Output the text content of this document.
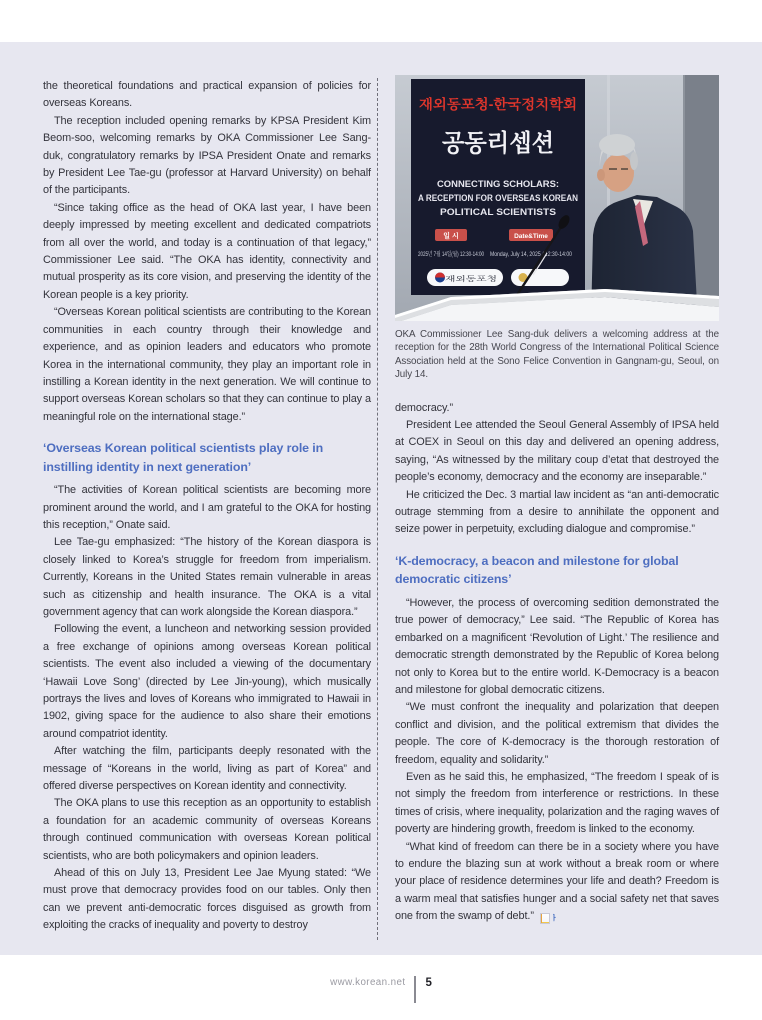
the theoretical foundations and practical expansion of policies for overseas Koreans.

The reception included opening remarks by KPSA President Kim Beom-soo, welcoming remarks by OKA Commissioner Lee Sang-duk, congratulatory remarks by IPSA President Onate and remarks by President Lee Tae-gu (professor at Harvard University) on behalf of the participants.

“Since taking office as the head of OKA last year, I have been deeply impressed by meeting excellent and dedicated compatriots from all over the world, and today is a continuation of that legacy,” Commissioner Lee said. “The OKA has identity, connectivity and mutual prosperity as its core vision, and preserving the identity of the Korean people is a key priority.

“Overseas Korean political scientists are contributing to the Korean communities in each country through their knowledge and experience, and as opinion leaders and educators who promote Korea in the international community, they play an important role in instilling a Korean identity in the next generation. We will continue to support overseas Korean scholars so that they can continue to play a meaningful role on the international stage.”

‘Overseas Korean political scientists play role in instilling identity in next generation’

“The activities of Korean political scientists are becoming more prominent around the world, and I am grateful to the OKA for hosting this reception,” Onate said.

Lee Tae-gu emphasized: “The history of the Korean diaspora is closely linked to Korea’s struggle for freedom from imperialism. Currently, Koreans in the United States remain vulnerable in areas such as citizenship and health insurance. The OKA is a vital government agency that can work alongside the Korean diaspora.”

Following the event, a luncheon and networking session provided a free exchange of opinions among overseas Korean political scientists. The event also included a viewing of the documentary ‘Hawaii Love Song’ (directed by Lee Jin-young), which musically portrays the lives and loves of Koreans who immigrated to Hawaii in 1902, giving space for the audience to also share their emotions around compatriot identity.

After watching the film, participants deeply resonated with the message of “Koreans in the world, living as part of Korea” and offered diverse perspectives on Korean identity and connectivity.

The OKA plans to use this reception as an opportunity to establish a foundation for an academic community of overseas Koreans through continued communication with overseas Korean political scientists, who are both policymakers and opinion leaders.

Ahead of this on July 13, President Lee Jae Myung stated: “We must prove that democracy provides food on our tables. Only then can we prevent anti-democratic forces disguised as growth from exploiting the cracks of inequality and poverty to destroy

재외동포청-한국정치학회
공동리셉션
CONNECTING SCHOLARS:
A RECEPTION FOR OVERSEAS KOREAN
POLITICAL SCIENTISTS
일 시	Date&Time
2025년 7월 14일(월) 12:30-14:00
Monday, July 14, 2025 / 12:30-14:00
재외동포청

OKA Commissioner Lee Sang-duk delivers a welcoming address at the reception for the 28th World Congress of the International Political Science Association held at the Sono Felice Convention in Gangnam-gu, Seoul, on July 14.

democracy.”

President Lee attended the Seoul General Assembly of IPSA held at COEX in Seoul on this day and delivered an opening address, saying, “As witnessed by the military coup d’etat that destroyed the people’s economy, democracy and the economy are inseparable.”

He criticized the Dec. 3 martial law incident as “an anti-democratic outrage stemming from a desire to annihilate the opponent and seize power in perpetuity, excluding dialogue and compromise.”

‘K-democracy, a beacon and milestone for global democratic citizens’

“However, the process of overcoming sedition demonstrated the true power of democracy,” Lee said. “The Republic of Korea has embarked on a magnificent ‘Revolution of Light.’ The resilience and democratic strength demonstrated by the Republic of Korea belong not only to Korea but to the entire world. K-Democracy is a beacon and milestone for global democratic citizens.

“We must confront the inequality and polarization that deepen conflict and division, and the political extremism that divides the people. The core of K-democracy is the thorough restoration of freedom, equality and solidarity.”

Even as he said this, he emphasized, “The freedom I speak of is not simply the freedom from interference or restrictions. In these times of crisis, where inequality, polarization and the raging waves of poverty are hindering growth, freedom is linked to the economy.

“What kind of freedom can there be in a society where you have to endure the blazing sun at work without a break room or where your place of residence determines your life and death? Freedom is a warm meal that satisfies hunger and a social safety net that saves one from the swamp of debt.” ㅏ

www.korean.net 5
